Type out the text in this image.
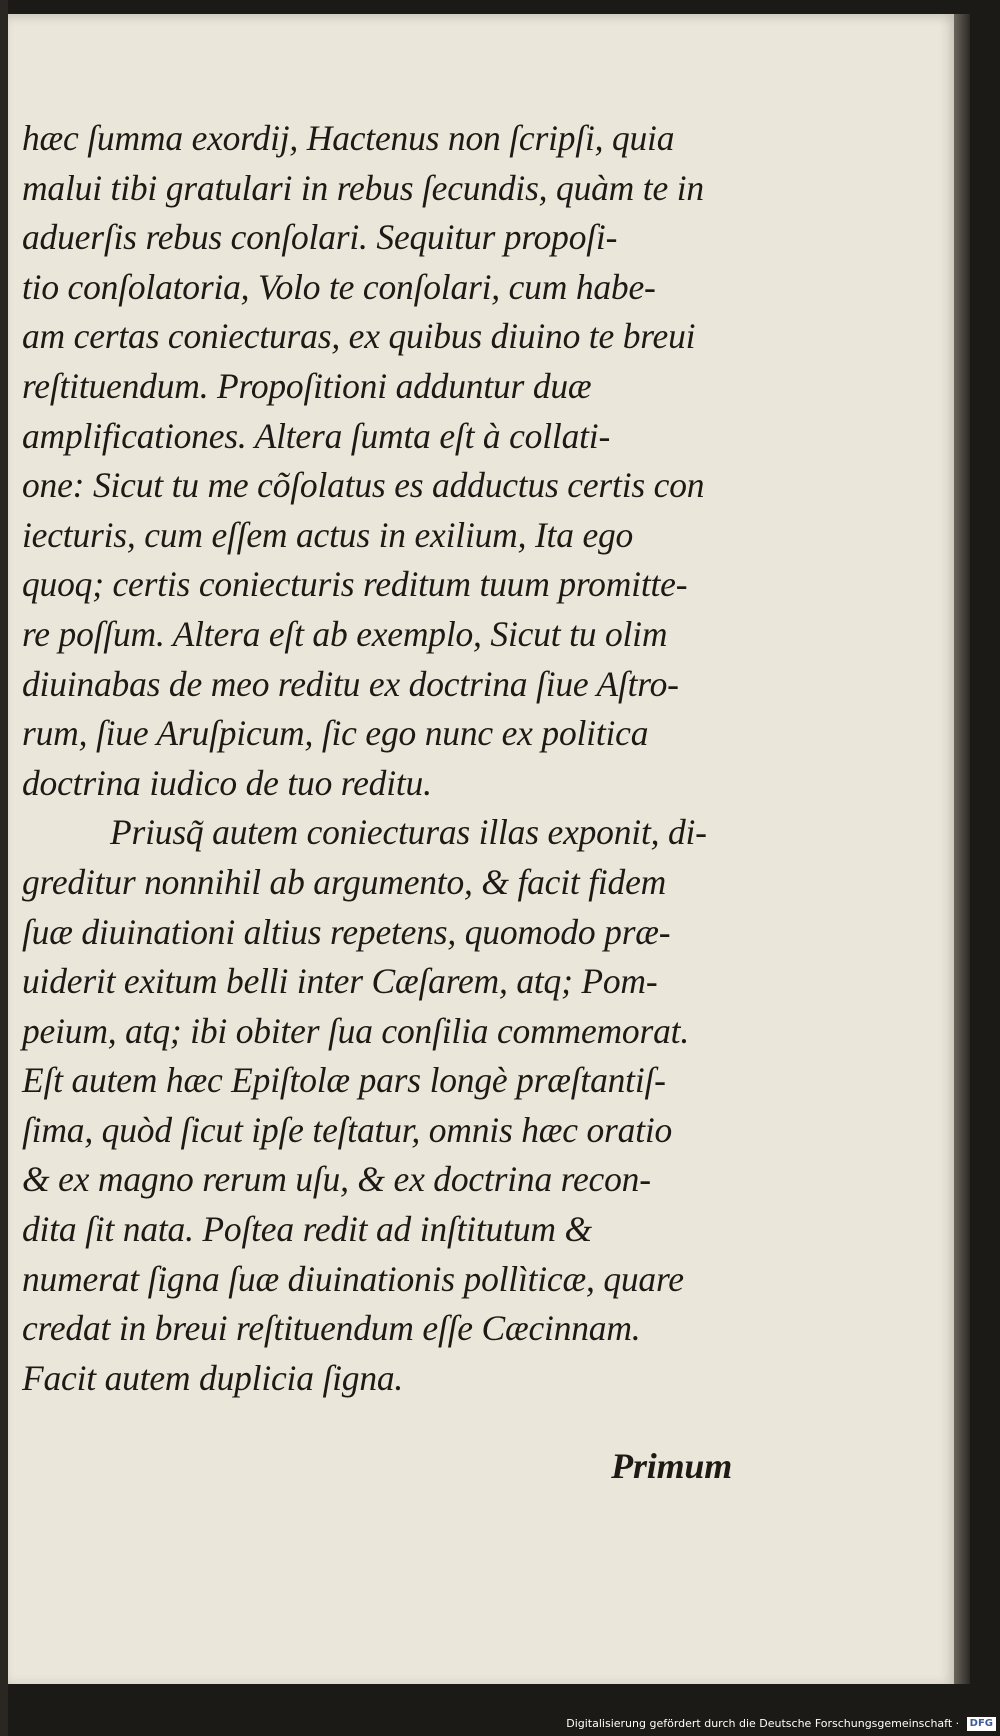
hæc ſumma exordij, Hactenus non ſcripſi, quia
malui tibi gratulari in rebus ſecundis, quàm te in
aduerſis rebus conſolari. Sequitur propoſi-
tio conſolatoria, Volo te conſolari, cum habe-
am certas coniecturas, ex quibus diuino te breui
reſtituendum. Propoſitioni adduntur duæ
amplificationes. Altera ſumta eſt à collati-
one: Sicut tu me cõſolatus es adductus certis con
iecturis, cum eſſem actus in exilium, Ita ego
quoq; certis coniecturis reditum tuum promitte-
re poſſum. Altera eſt ab exemplo, Sicut tu olim
diuinabas de meo reditu ex doctrina ſiue Aſtro-
rum, ſiue Aruſpicum, ſic ego nunc ex politica
doctrina iudico de tuo reditu.
Priusq̃ autem coniecturas illas exponit, di-
greditur nonnihil ab argumento, & facit fidem
ſuæ diuinationi altius repetens, quomodo præ-
uiderit exitum belli inter Cæſarem, atq; Pom-
peium, atq; ibi obiter ſua conſilia commemorat.
Eſt autem hæc Epiſtolæ pars longè præſtantiſ-
ſima, quòd ſicut ipſe teſtatur, omnis hæc oratio
& ex magno rerum uſu, & ex doctrina recon-
dita ſit nata. Poſtea redit ad inſtitutum &
numerat ſigna ſuæ diuinationis pollìticæ, quare
credat in breui reſtituendum eſſe Cæcinnam.
Facit autem duplicia ſigna.
Primum
Digitalisierung gefördert durch die Deutsche Forschungsgemeinschaft · DFG
